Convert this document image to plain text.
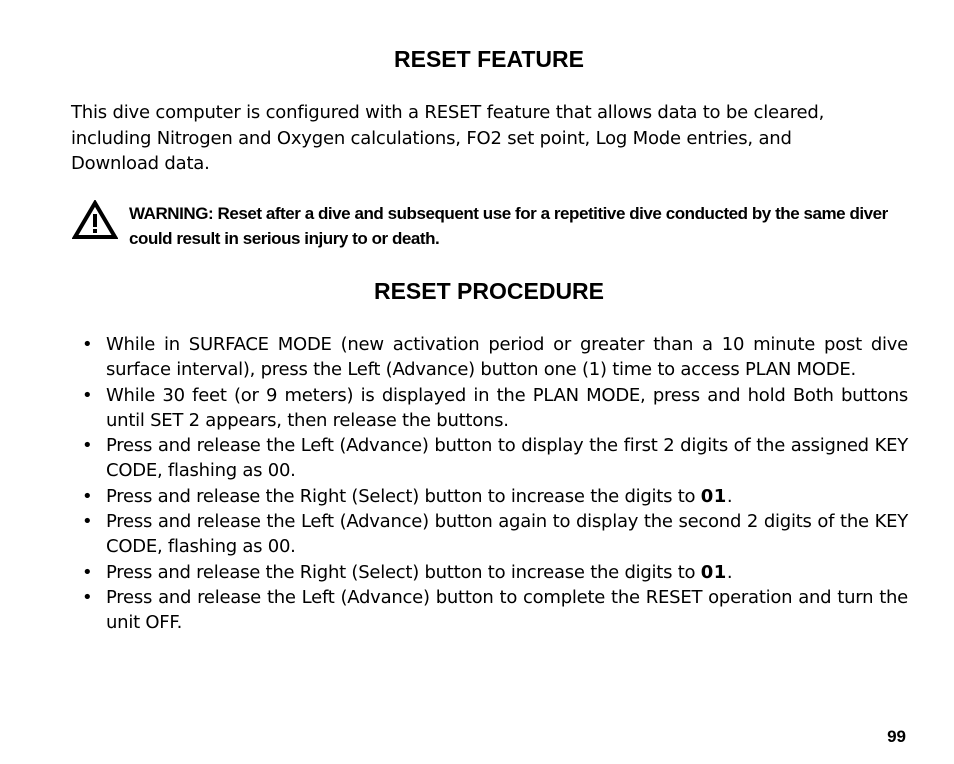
RESET FEATURE

This dive computer is configured with a RESET feature that allows data to be cleared, including Nitrogen and Oxygen calculations, FO2 set point, Log Mode entries, and Download data.

WARNING: Reset after a dive and subsequent use for a repetitive dive conducted by the same diver could result in serious injury to or death.

RESET PROCEDURE
• While in SURFACE MODE (new activation period or greater than a 10 minute post dive surface interval), press the Left (Advance) button one (1) time to access PLAN MODE.
• While 30 feet (or 9 meters) is displayed in the PLAN MODE, press and hold Both buttons until SET 2 appears, then release the buttons.
• Press and release the Left (Advance) button to display the first 2 digits of the assigned KEY CODE, flashing as 00.
• Press and release the Right (Select) button to increase the digits to 01.
• Press and release the Left (Advance) button again to display the second 2 digits of the KEY CODE, flashing as 00.
• Press and release the Right (Select) button to increase the digits to 01.
• Press and release the Left (Advance) button to complete the RESET operation and turn the unit OFF.
99
